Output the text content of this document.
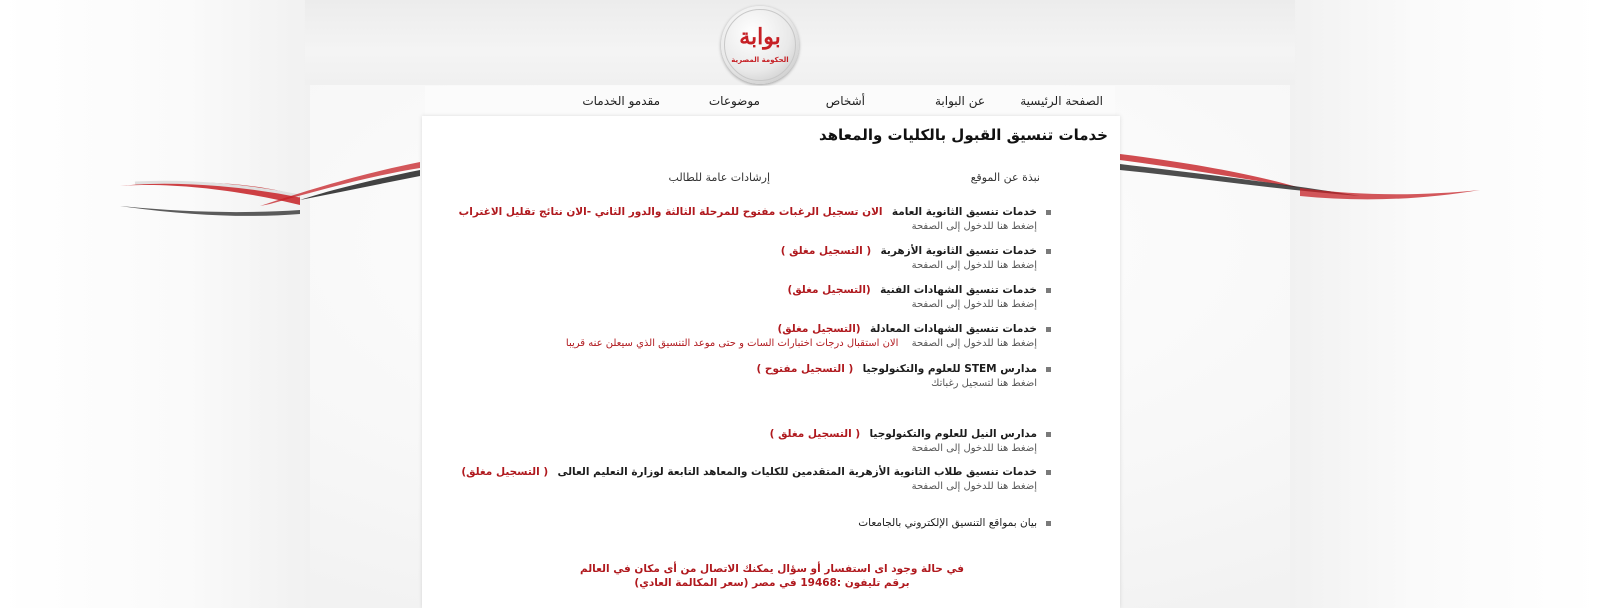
بوابة
الحكومة المصرية
الصفحة الرئيسية
عن البوابة
أشخاص
موضوعات
مقدمو الخدمات
خدمات تنسيق القبول بالكليات والمعاهد
نبذة عن الموقع
إرشادات عامة للطالب
خدمات تنسيق الثانوية العامة الان تسجيل الرغبات مفتوح للمرحلة الثالثة والدور الثاني -الان نتائج تقليل الاغتراب
إضغط هنا للدخول إلى الصفحة
خدمات تنسيق الثانوية الأزهرية ( التسجيل مغلق )
إضغط هنا للدخول إلى الصفحة
خدمات تنسيق الشهادات الفنية (التسجيل مغلق)
إضغط هنا للدخول إلى الصفحة
خدمات تنسيق الشهادات المعادلة (التسجيل مغلق)
إضغط هنا للدخول إلى الصفحة الان استقبال درجات اختبارات السات و حتى موعد التنسيق الذي سيعلن عنه قريبا
مدارس STEM للعلوم والتكنولوجيا ( التسجيل مفتوح )
اضغط هنا لتسجيل رغباتك
مدارس النيل للعلوم والتكنولوجيا ( التسجيل مغلق )
إضغط هنا للدخول إلى الصفحة
خدمات تنسيق طلاب الثانوية الأزهرية المتقدمين للكليات والمعاهد التابعة لوزارة التعليم العالى ( التسجيل مغلق)
إضغط هنا للدخول إلى الصفحة
بيان بمواقع التنسيق الإلكتروني بالجامعات
في حالة وجود اى استفسار أو سؤال يمكنك الاتصال من أى مكان في العالم
برقم تليفون :19468 في مصر (سعر المكالمة العادي)
